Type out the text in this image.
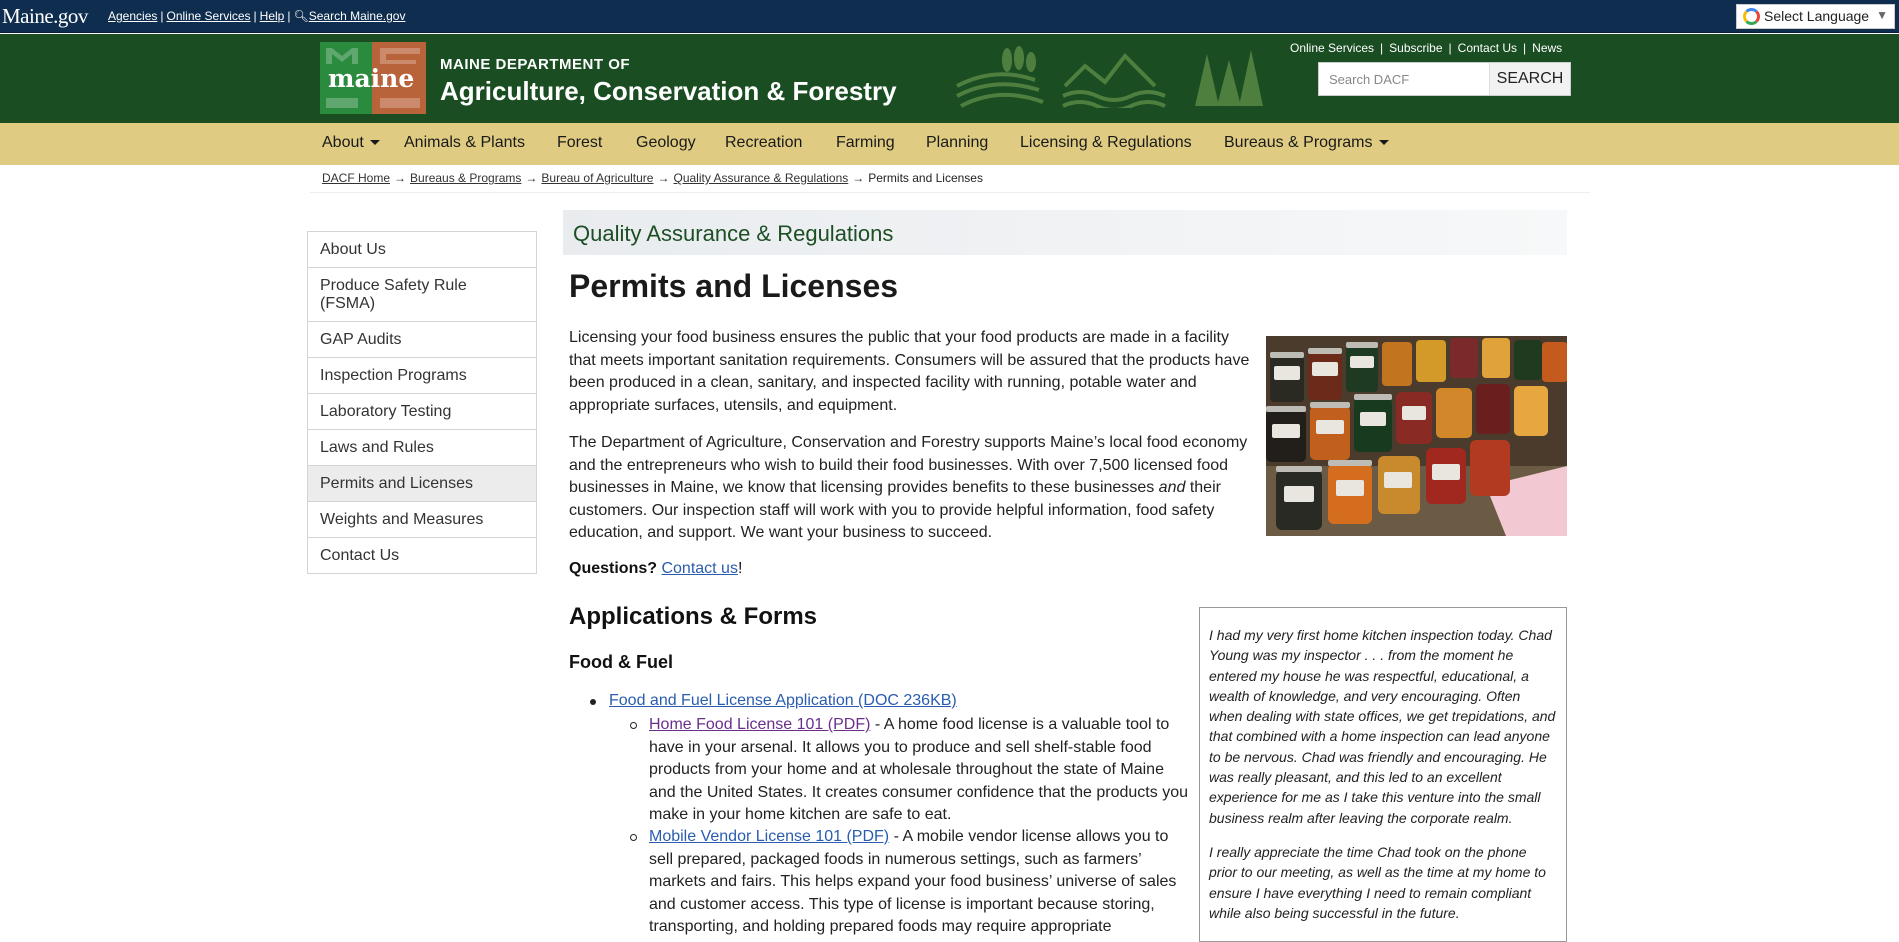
Maine.gov Agencies | Online Services | Help | 🔍︎Search Maine.gov	Select Language ▼
maine MAINE DEPARTMENT OF
Agriculture, Conservation & Forestry
Online Services | Subscribe | Contact Us | News
Search DACF
SEARCH
About	Animals & Plants Forest Geology Recreation Farming Planning Licensing & Regulations Bureaus & Programs
DACF Home → Bureaus & Programs → Bureau of Agriculture → Quality Assurance & Regulations → Permits and Licenses
About Us
Produce Safety Rule (FSMA)
GAP Audits
Inspection Programs
Laboratory Testing
Laws and Rules
Permits and Licenses
Weights and Measures
Contact Us
Quality Assurance & Regulations
Permits and Licenses
Licensing your food business ensures the public that your food products are made in a facility that meets important sanitation requirements. Consumers will be assured that the products have been produced in a clean, sanitary, and inspected facility with running, potable water and appropriate surfaces, utensils, and equipment.
The Department of Agriculture, Conservation and Forestry supports Maine’s local food economy and the entrepreneurs who wish to build their food businesses. With over 7,500 licensed food businesses in Maine, we know that licensing provides benefits to these businesses and their customers. Our inspection staff will work with you to provide helpful information, food safety education, and support. We want your business to succeed.
Questions? Contact us!
Applications & Forms
Food & Fuel
Food and Fuel License Application (DOC 236KB)
Home Food License 101 (PDF) - A home food license is a valuable tool to have in your arsenal. It allows you to produce and sell shelf-stable food products from your home and at wholesale throughout the state of Maine and the United States. It creates consumer confidence that the products you make in your home kitchen are safe to eat.
Mobile Vendor License 101 (PDF) - A mobile vendor license allows you to sell prepared, packaged foods in numerous settings, such as farmers’ markets and fairs. This helps expand your food business’ universe of sales and customer access. This type of license is important because storing, transporting, and holding prepared foods may require appropriate

I had my very first home kitchen inspection today. Chad Young was my inspector . . . from the moment he entered my house he was respectful, educational, a wealth of knowledge, and very encouraging. Often when dealing with state offices, we get trepidations, and that combined with a home inspection can lead anyone to be nervous. Chad was friendly and encouraging. He was really pleasant, and this led to an excellent experience for me as I take this venture into the small business realm after leaving the corporate realm.

I really appreciate the time Chad took on the phone prior to our meeting, as well as the time at my home to ensure I have everything I need to remain compliant while also being successful in the future.
